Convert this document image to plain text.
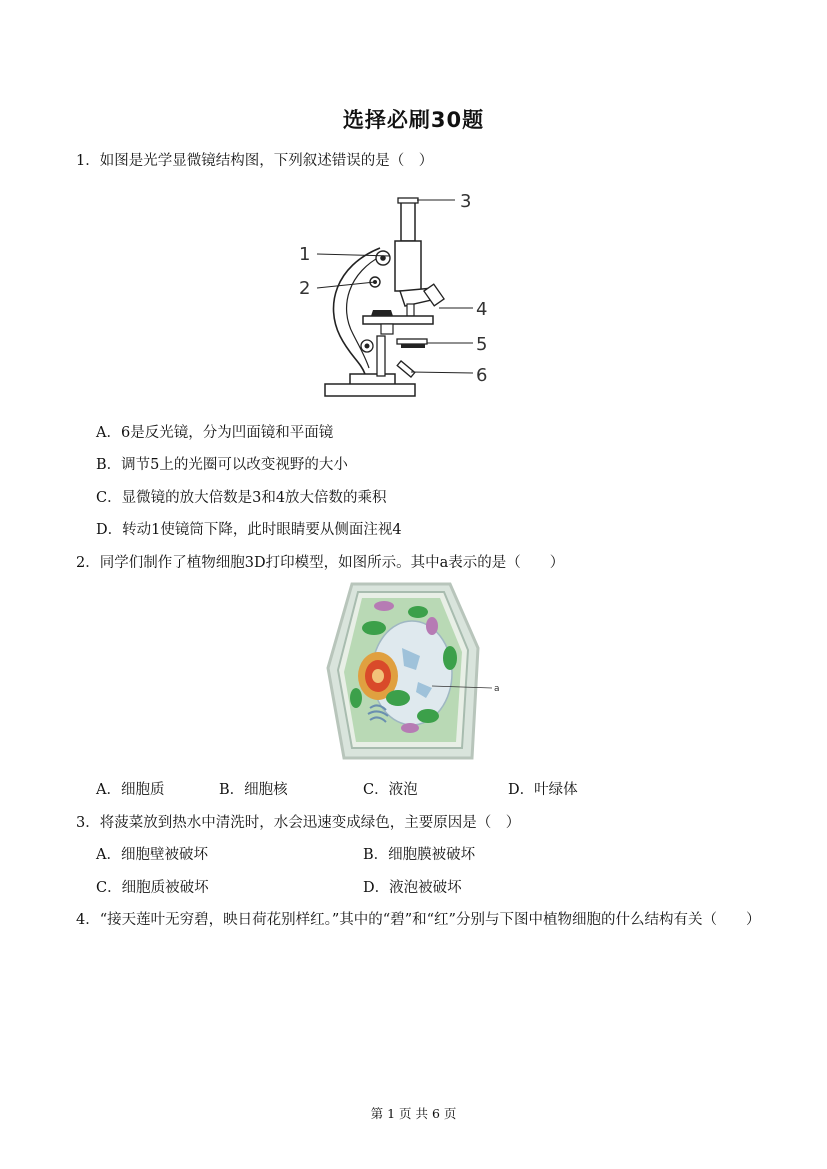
选择必刷30题
1．如图是光学显微镜结构图，下列叙述错误的是（　）
1
2
3
4
5
6
A．6是反光镜，分为凹面镜和平面镜
B．调节5上的光圈可以改变视野的大小
C．显微镜的放大倍数是3和4放大倍数的乘积
D．转动1使镜筒下降，此时眼睛要从侧面注视4
2．同学们制作了植物细胞3D打印模型，如图所示。其中a表示的是（　　）
a
A．细胞质	B．细胞核	C．液泡	D．叶绿体
3．将菠菜放到热水中清洗时，水会迅速变成绿色，主要原因是（　）
A．细胞壁被破坏	B．细胞膜被破坏
C．细胞质被破坏	D．液泡被破坏
4．“接天莲叶无穷碧，映日荷花别样红。”其中的“碧”和“红”分别与下图中植物细胞的什么结构有关（　　）
第 1 页 共 6 页
